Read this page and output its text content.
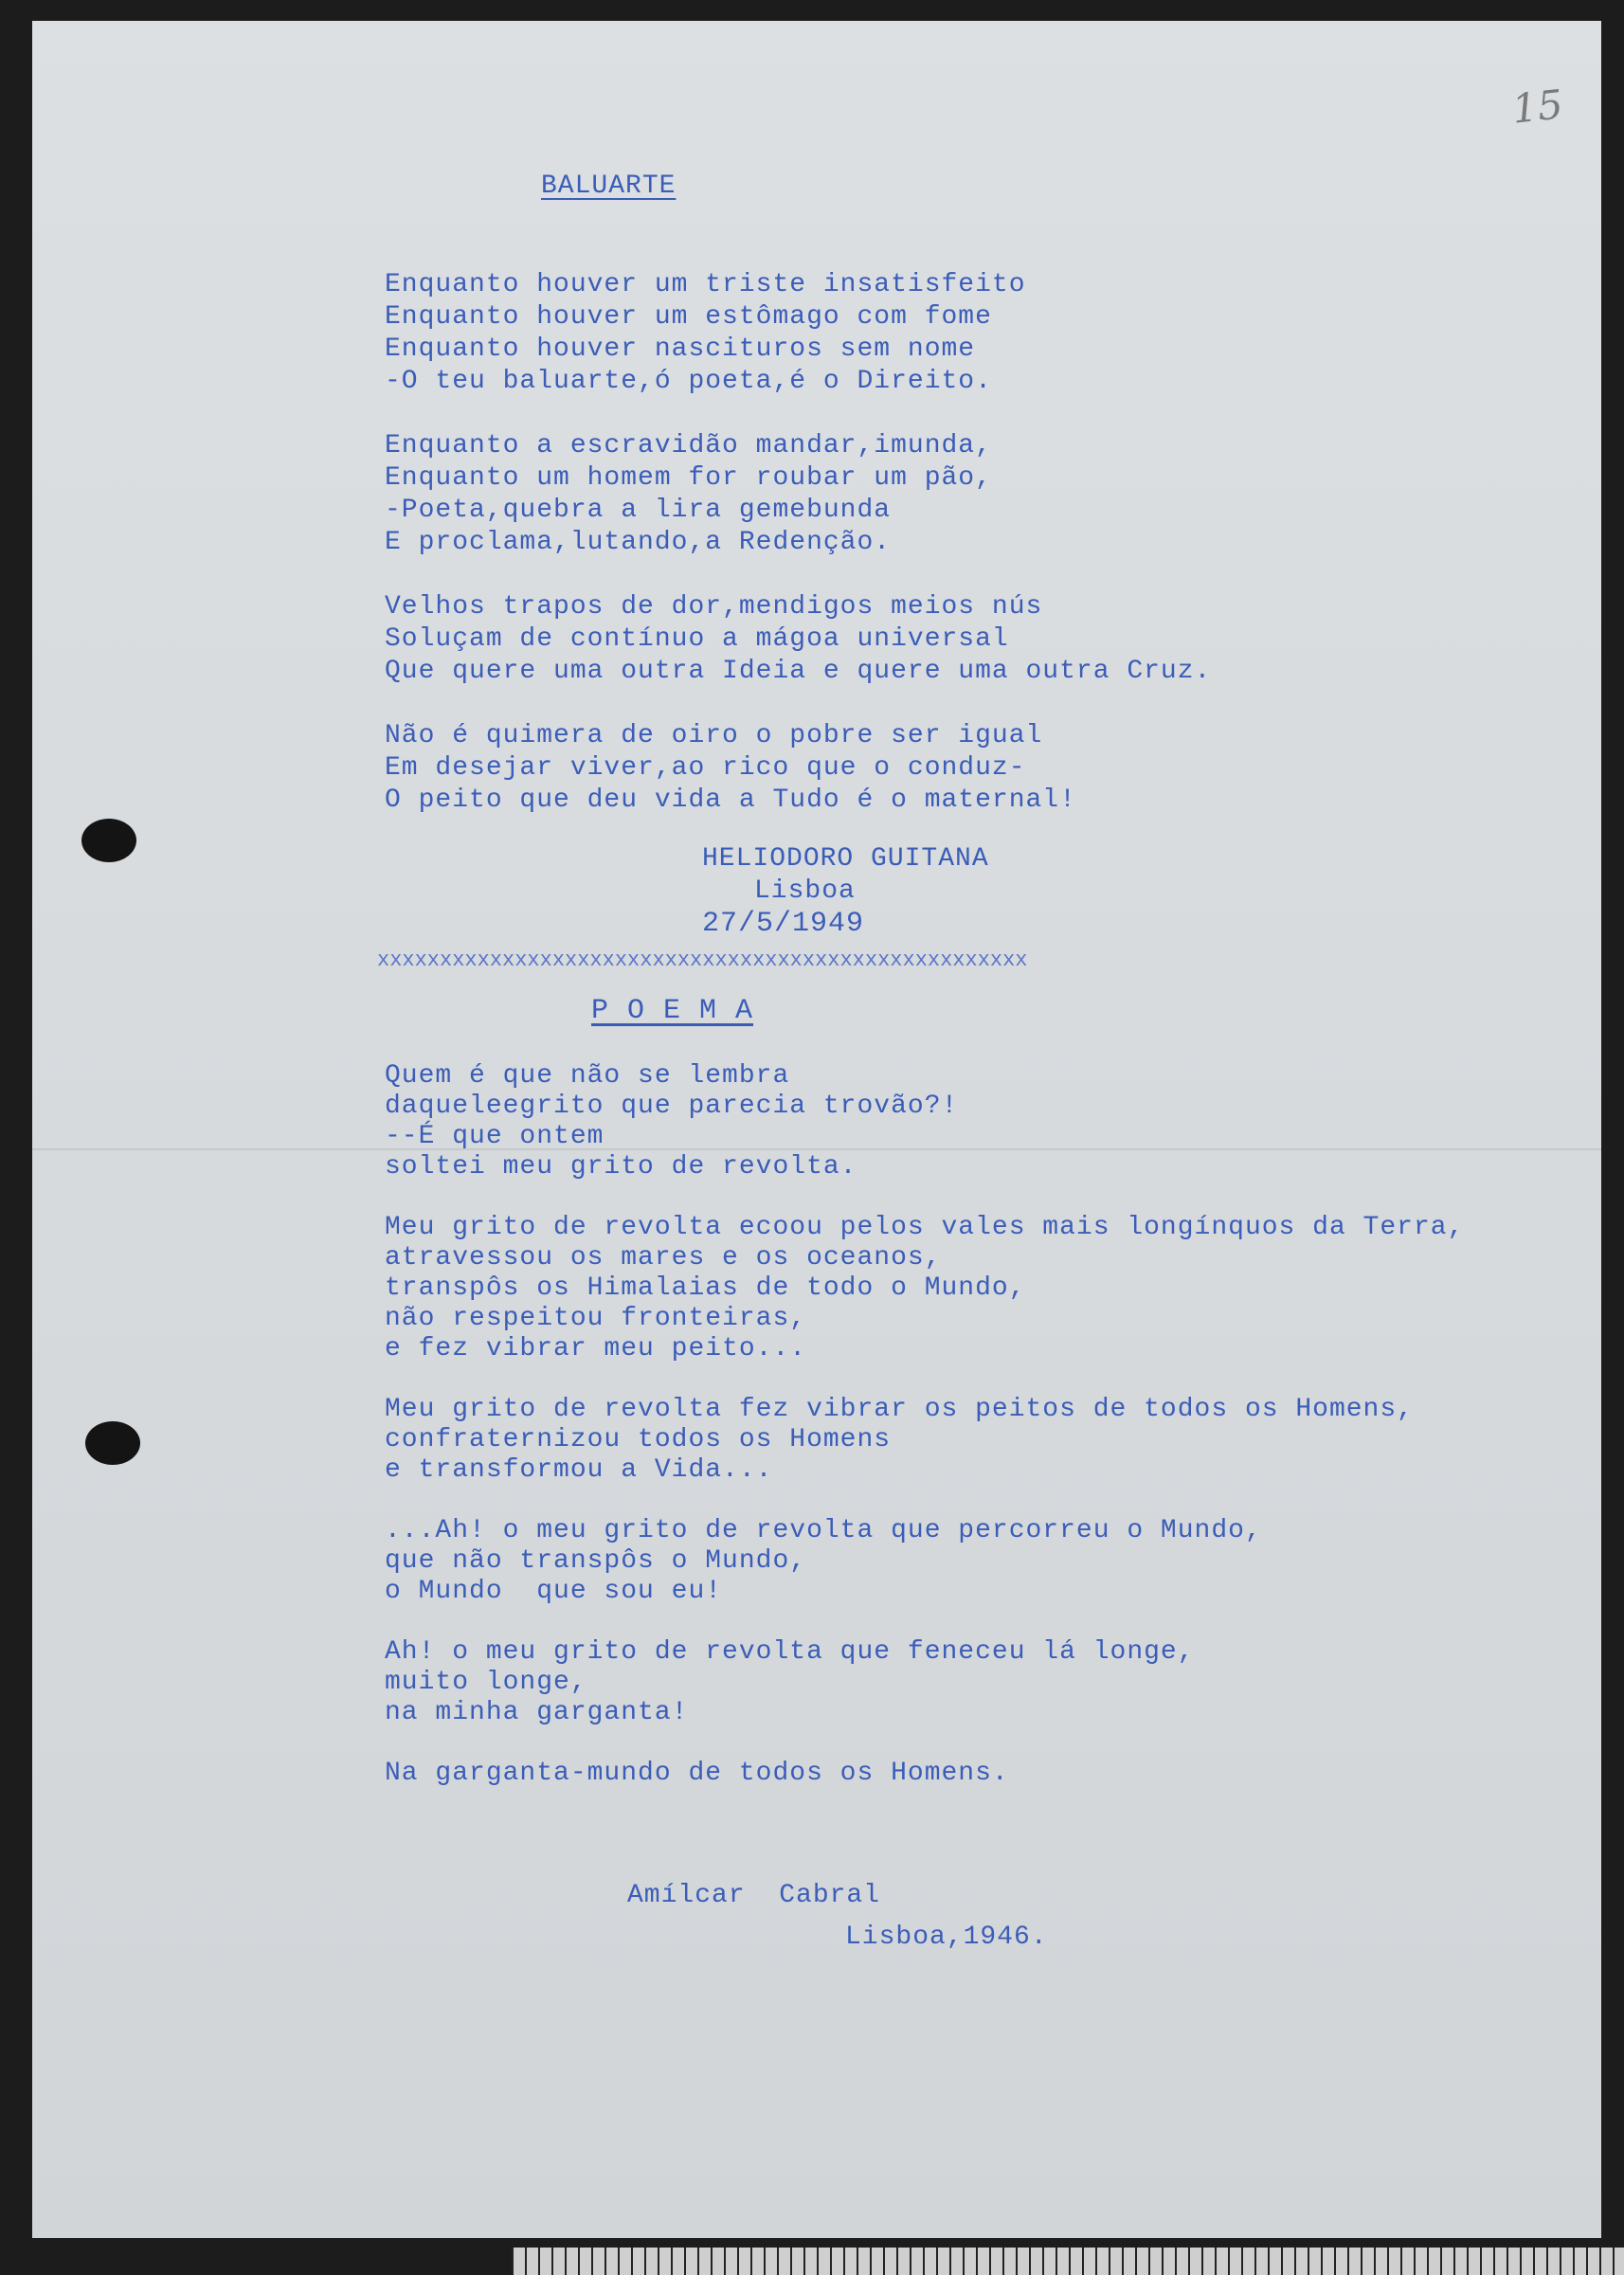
15
BALUARTE
Enquanto houver um triste insatisfeito
Enquanto houver um estômago com fome
Enquanto houver nascituros sem nome
-O teu baluarte,ó poeta,é o Direito.

Enquanto a escravidão mandar,imunda,
Enquanto um homem for roubar um pão,
-Poeta,quebra a lira gemebunda
E proclama,lutando,a Redenção.

Velhos trapos de dor,mendigos meios nús
Soluçam de contínuo a mágoa universal
Que quere uma outra Ideia e quere uma outra Cruz.

Não é quimera de oiro o pobre ser igual
Em desejar viver,ao rico que o conduz-
O peito que deu vida a Tudo é o maternal!
HELIODORO GUITANA
Lisboa
27/5/1949
xxxxxxxxxxxxxxxxxxxxxxxxxxxxxxxxxxxxxxxxxxxxxxxxxxxx
P O E M A
Quem é que não se lembra
daqueleegrito que parecia trovão?!
--É que ontem
soltei meu grito de revolta.

Meu grito de revolta ecoou pelos vales mais longínquos da Terra,
atravessou os mares e os oceanos,
transpôs os Himalaias de todo o Mundo,
não respeitou fronteiras,
e fez vibrar meu peito...

Meu grito de revolta fez vibrar os peitos de todos os Homens,
confraternizou todos os Homens
e transformou a Vida...

...Ah! o meu grito de revolta que percorreu o Mundo,
que não transpôs o Mundo,
o Mundo  que sou eu!

Ah! o meu grito de revolta que feneceu lá longe,
muito longe,
na minha garganta!

Na garganta-mundo de todos os Homens.
Amílcar  Cabral
Lisboa,1946.
